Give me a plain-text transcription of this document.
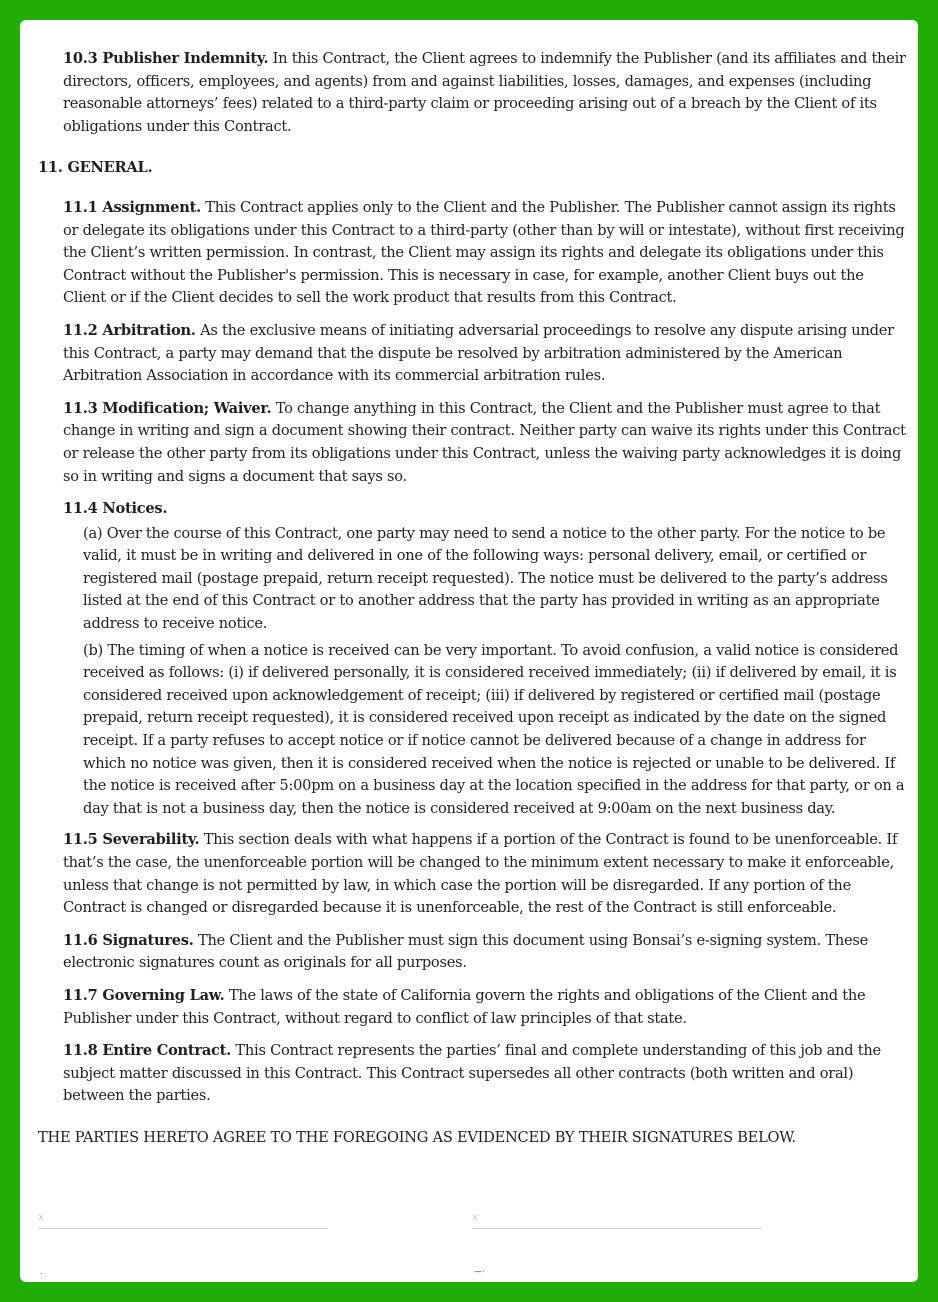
10.3 Publisher Indemnity. In this Contract, the Client agrees to indemnify the Publisher (and its affiliates and their directors, officers, employees, and agents) from and against liabilities, losses, damages, and expenses (including reasonable attorneys’ fees) related to a third-party claim or proceeding arising out of a breach by the Client of its obligations under this Contract.

11. GENERAL.

11.1 Assignment. This Contract applies only to the Client and the Publisher. The Publisher cannot assign its rights or delegate its obligations under this Contract to a third-party (other than by will or intestate), without first receiving the Client’s written permission. In contrast, the Client may assign its rights and delegate its obligations under this Contract without the Publisher's permission. This is necessary in case, for example, another Client buys out the Client or if the Client decides to sell the work product that results from this Contract.

11.2 Arbitration. As the exclusive means of initiating adversarial proceedings to resolve any dispute arising under this Contract, a party may demand that the dispute be resolved by arbitration administered by the American Arbitration Association in accordance with its commercial arbitration rules.

11.3 Modification; Waiver. To change anything in this Contract, the Client and the Publisher must agree to that change in writing and sign a document showing their contract. Neither party can waive its rights under this Contract or release the other party from its obligations under this Contract, unless the waiving party acknowledges it is doing so in writing and signs a document that says so.

11.4 Notices.

(a) Over the course of this Contract, one party may need to send a notice to the other party. For the notice to be valid, it must be in writing and delivered in one of the following ways: personal delivery, email, or certified or registered mail (postage prepaid, return receipt requested). The notice must be delivered to the party’s address listed at the end of this Contract or to another address that the party has provided in writing as an appropriate address to receive notice.

(b) The timing of when a notice is received can be very important. To avoid confusion, a valid notice is considered received as follows: (i) if delivered personally, it is considered received immediately; (ii) if delivered by email, it is considered received upon acknowledgement of receipt; (iii) if delivered by registered or certified mail (postage prepaid, return receipt requested), it is considered received upon receipt as indicated by the date on the signed receipt. If a party refuses to accept notice or if notice cannot be delivered because of a change in address for which no notice was given, then it is considered received when the notice is rejected or unable to be delivered. If the notice is received after 5:00pm on a business day at the location specified in the address for that party, or on a day that is not a business day, then the notice is considered received at 9:00am on the next business day.

11.5 Severability. This section deals with what happens if a portion of the Contract is found to be unenforceable. If that’s the case, the unenforceable portion will be changed to the minimum extent necessary to make it enforceable, unless that change is not permitted by law, in which case the portion will be disregarded. If any portion of the Contract is changed or disregarded because it is unenforceable, the rest of the Contract is still enforceable.

11.6 Signatures. The Client and the Publisher must sign this document using Bonsai’s e-signing system. These electronic signatures count as originals for all purposes.

11.7 Governing Law. The laws of the state of California govern the rights and obligations of the Client and the Publisher under this Contract, without regard to conflict of law principles of that state.

11.8 Entire Contract. This Contract represents the parties’ final and complete understanding of this job and the subject matter discussed in this Contract. This Contract supersedes all other contracts (both written and oral) between the parties.

THE PARTIES HERETO AGREE TO THE FOREGOING AS EVIDENCED BY THEIR SIGNATURES BELOW.

x
.
x
—·
